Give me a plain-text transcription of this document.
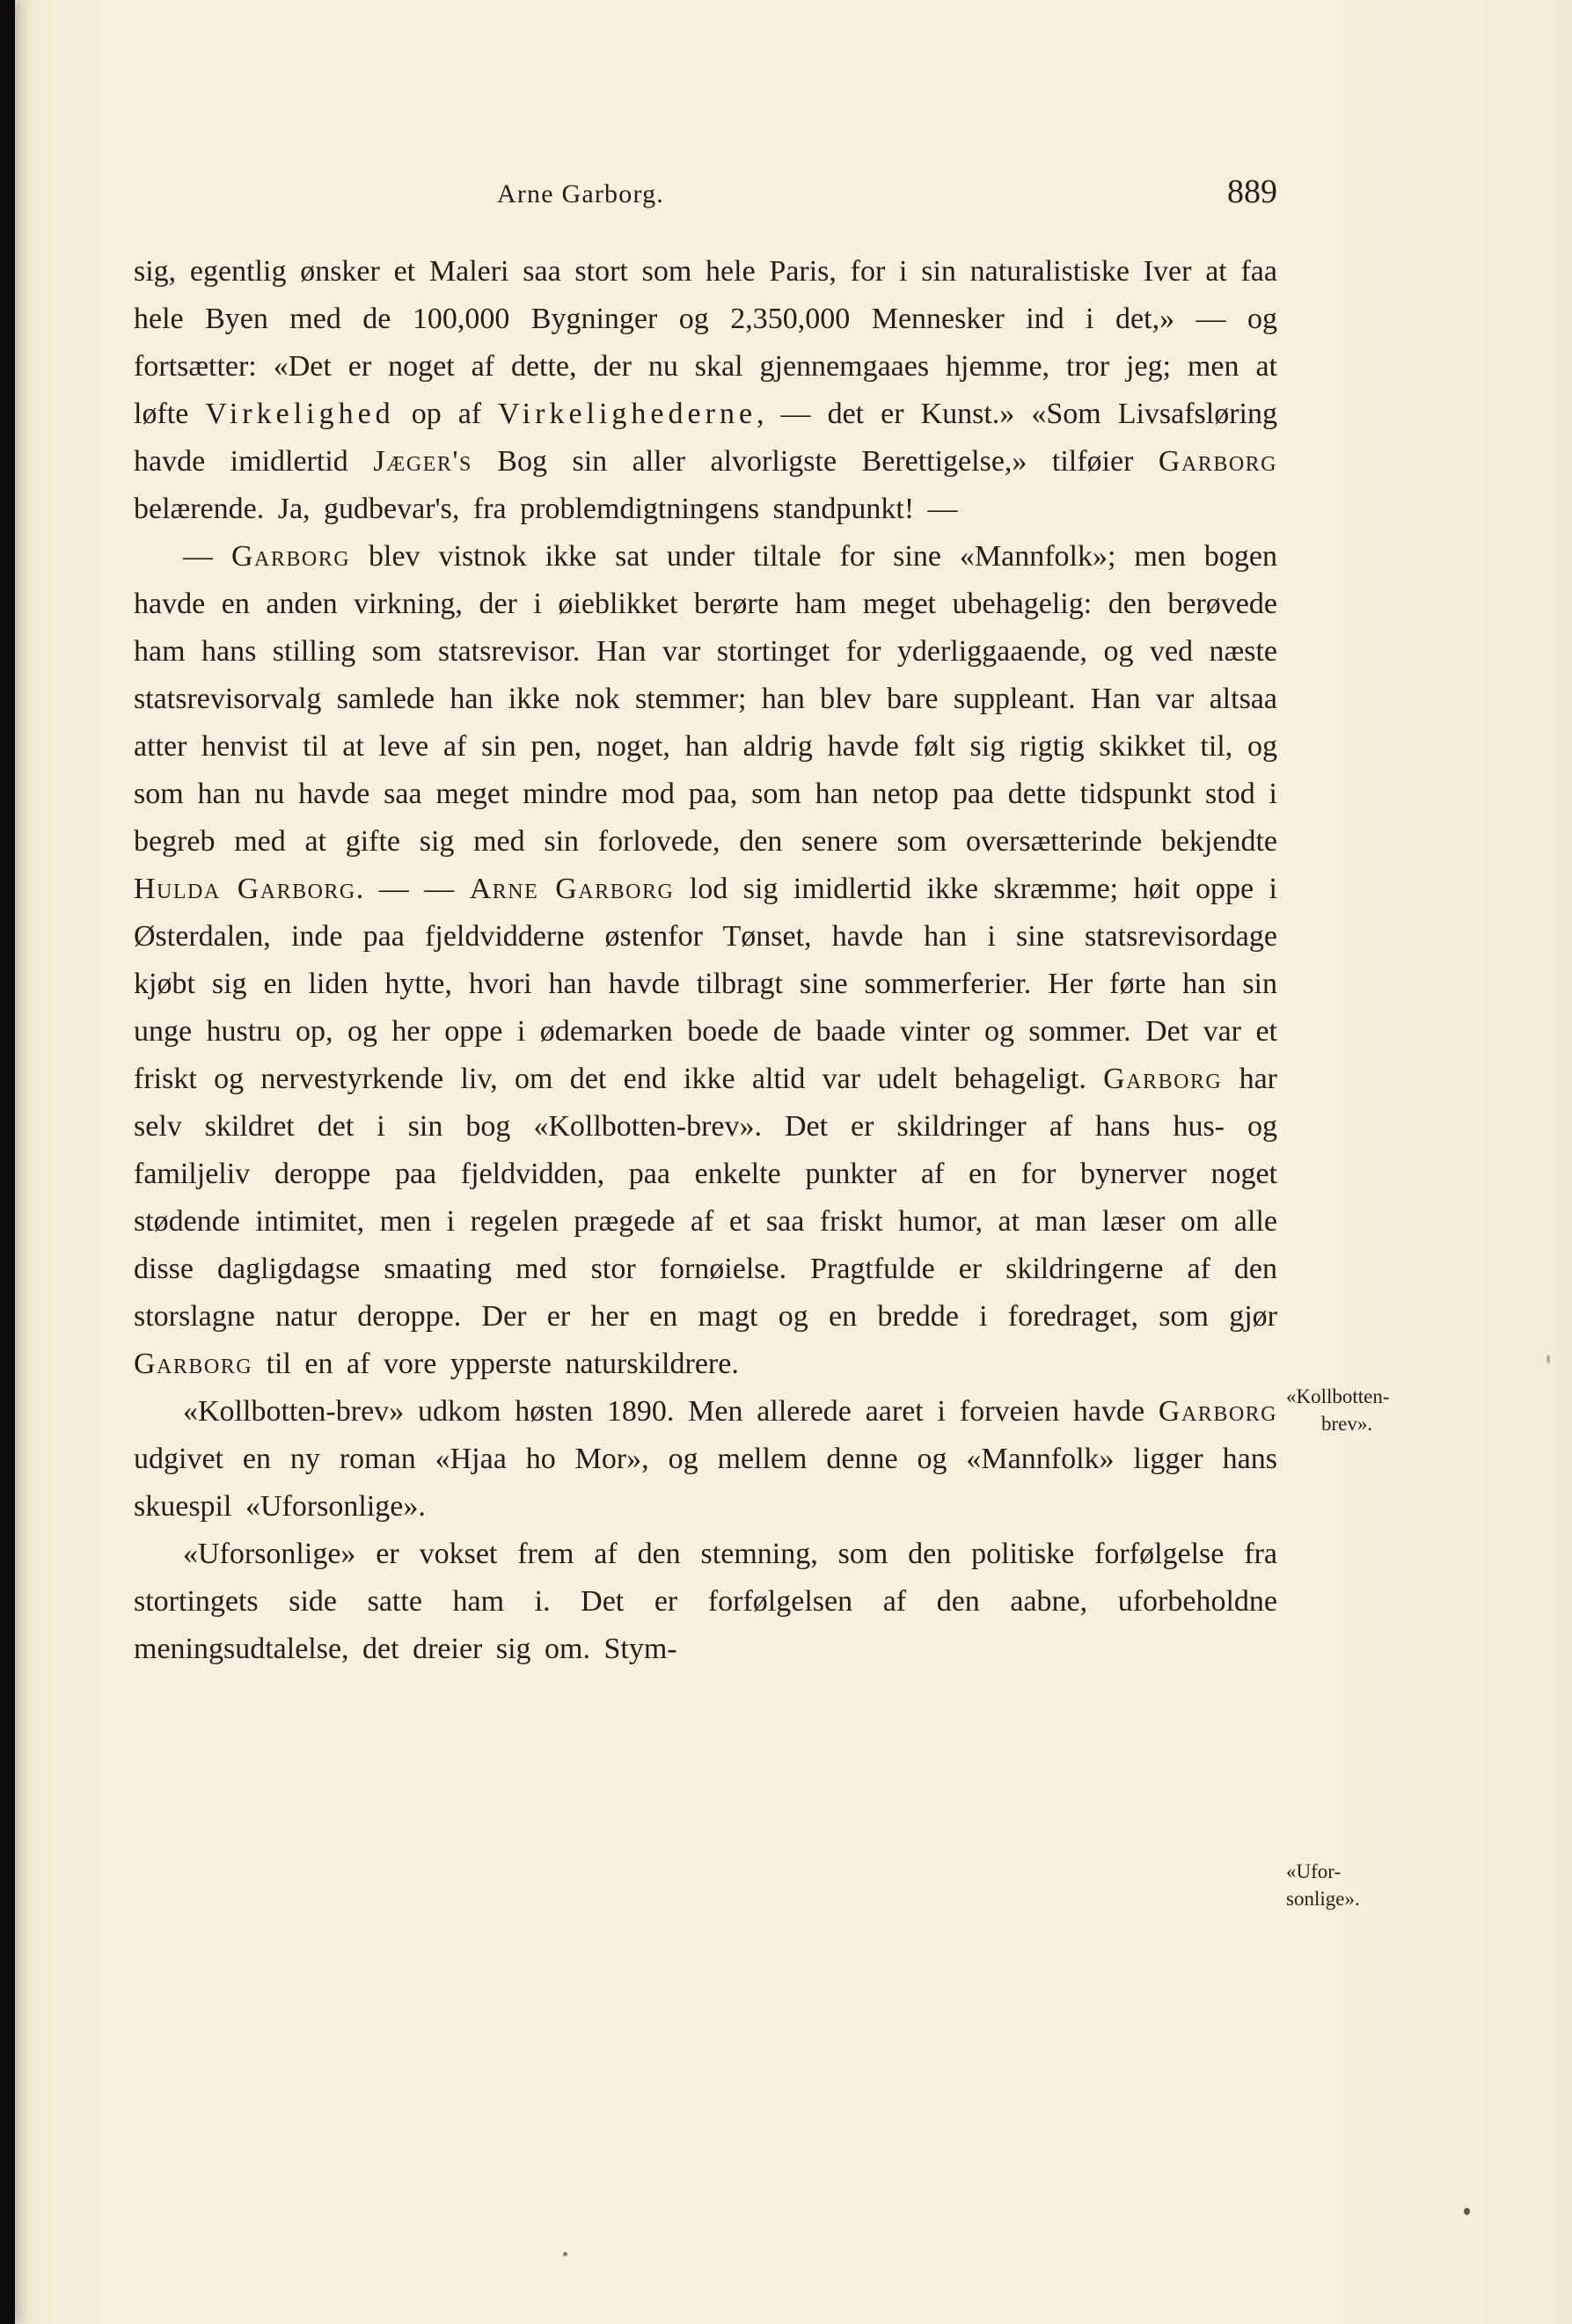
Arne Garborg.	889

sig, egentlig ønsker et Maleri saa stort som hele Paris, for i sin naturalistiske Iver at faa hele Byen med de 100,000 Bygninger og 2,350,000 Mennesker ind i det,» — og fortsætter: «Det er noget af dette, der nu skal gjennemgaaes hjemme, tror jeg; men at løfte Virkelighed op af Virkelighederne, — det er Kunst.» «Som Livsafsløring havde imidlertid Jæger's Bog sin aller alvorligste Berettigelse,» tilføier Garborg belærende. Ja, gudbevar's, fra problemdigtningens standpunkt! —

— Garborg blev vistnok ikke sat under tiltale for sine «Mannfolk»; men bogen havde en anden virkning, der i øieblikket berørte ham meget ubehagelig: den berøvede ham hans stilling som statsrevisor. Han var stortinget for yderliggaaende, og ved næste statsrevisorvalg samlede han ikke nok stemmer; han blev bare suppleant. Han var altsaa atter henvist til at leve af sin pen, noget, han aldrig havde følt sig rigtig skikket til, og som han nu havde saa meget mindre mod paa, som han netop paa dette tidspunkt stod i begreb med at gifte sig med sin forlovede, den senere som oversætterinde bekjendte Hulda Garborg. — — Arne Garborg lod sig imidlertid ikke skræmme; høit oppe i Østerdalen, inde paa fjeldvidderne østenfor Tønset, havde han i sine statsrevisordage kjøbt sig en liden hytte, hvori han havde tilbragt sine sommerferier. Her førte han sin unge hustru op, og her oppe i ødemarken boede de baade vinter og sommer. Det var et friskt og nervestyrkende liv, om det end ikke altid var udelt behageligt. Garborg har selv skildret det i sin bog «Kollbotten-brev». Det er skildringer af hans hus- og familjeliv deroppe paa fjeldvidden, paa enkelte punkter af en for bynerver noget stødende intimitet, men i regelen prægede af et saa friskt humor, at man læser om alle disse dagligdagse smaating med stor fornøielse. Pragtfulde er skildringerne af den storslagne natur deroppe. Der er her en magt og en bredde i foredraget, som gjør Garborg til en af vore ypperste naturskildrere.

«Kollbotten-brev» udkom høsten 1890. Men allerede aaret i forveien havde Garborg udgivet en ny roman «Hjaa ho Mor», og mellem denne og «Mannfolk» ligger hans skuespil «Uforsonlige».

«Uforsonlige» er vokset frem af den stemning, som den politiske forfølgelse fra stortingets side satte ham i. Det er forfølgelsen af den aabne, uforbeholdne meningsudtalelse, det dreier sig om. Stym-

«Kollbotten-
brev».
«Ufor-
sonlige».
